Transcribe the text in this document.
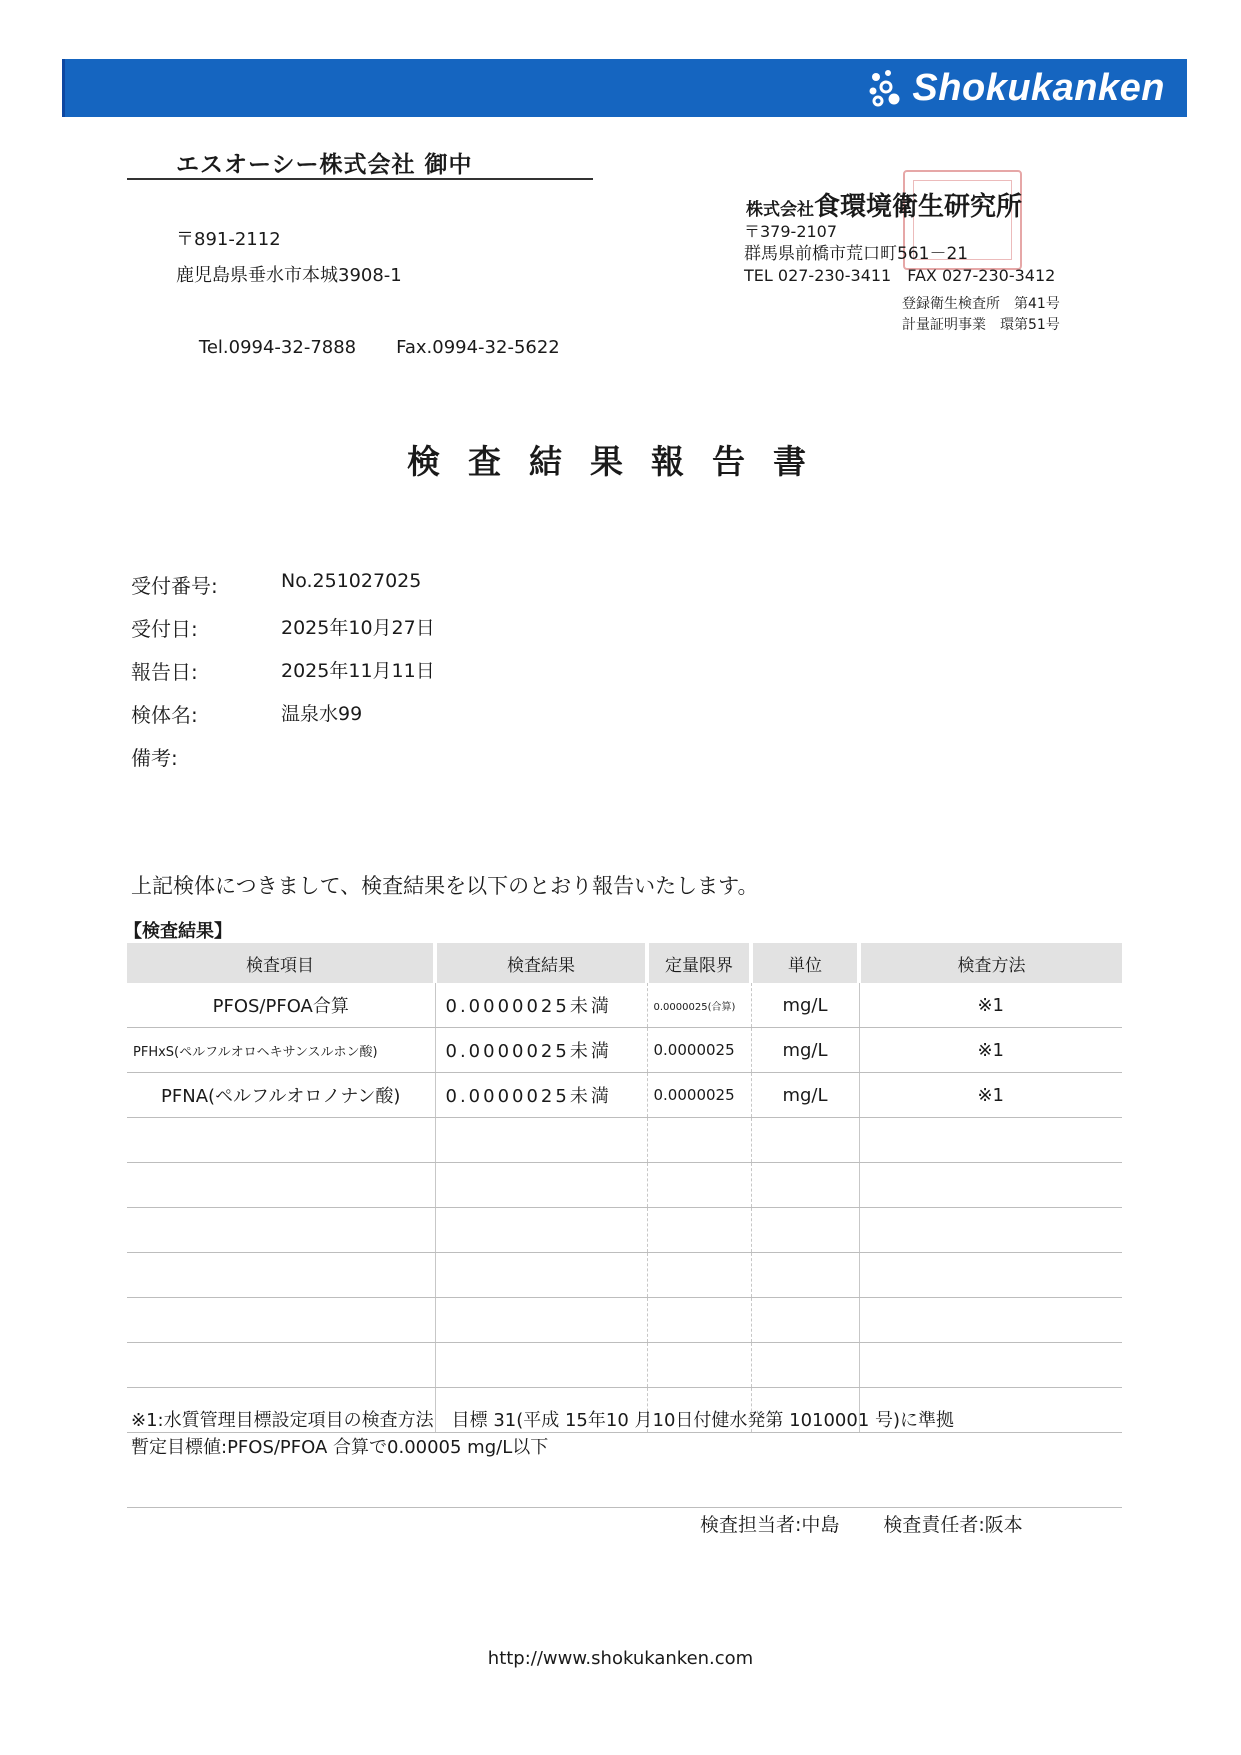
Shokukanken
エスオーシー株式会社 御中
〒891-2112
鹿児島県垂水市本城3908-1

Tel.0994-32-7888 Fax.0994-32-5622

株式会社食環境衛生研究所
〒379-2107
群馬県前橋市荒口町561－21
TEL 027-230-3411 FAX 027-230-3412
登録衛生検査所　第41号
計量証明事業　環第51号
検査結果報告書
受付番号:	No.251027025
受付日:	2025年10月27日
報告日:	2025年11月11日
検体名:	温泉水99
備考:
上記検体につきまして、検査結果を以下のとおり報告いたします。
【検査結果】
検査項目	検査結果	定量限界	単位	検査方法
PFOS/PFOA合算	0.0000025未満	0.0000025(合算)	mg/L	※1
PFHxS(ペルフルオロヘキサンスルホン酸)	0.0000025未満	0.0000025	mg/L	※1
PFNA(ペルフルオロノナン酸)	0.0000025未満	0.0000025	mg/L	※1

※1:水質管理目標設定項目の検査方法　目標 31(平成 15年10 月10日付健水発第 1010001 号)に準拠
暫定目標値:PFOS/PFOA 合算で0.00005 mg/L以下
検査担当者:中島 検査責任者:阪本
http://www.shokukanken.com
